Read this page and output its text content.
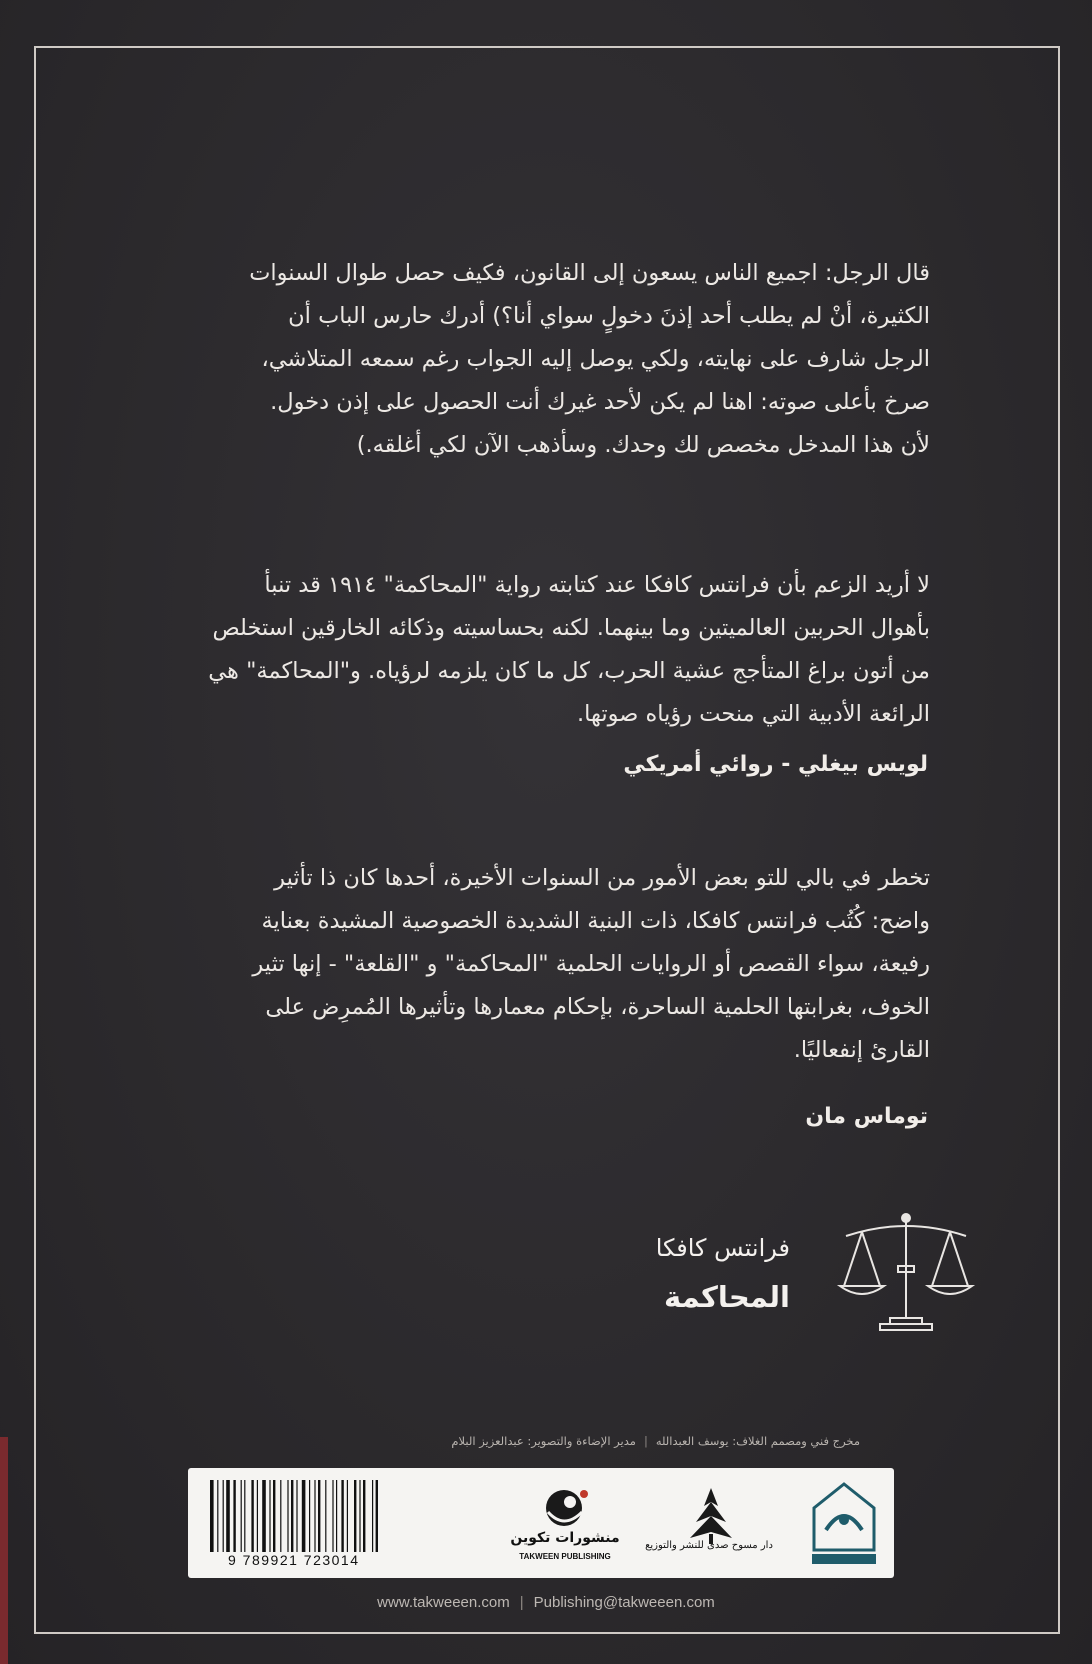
قال الرجل: اجميع الناس يسعون إلى القانون، فكيف حصل طوال السنوات

الكثيرة، أنْ لم يطلب أحد إذنَ دخولٍ سواي أنا؟) أدرك حارس الباب أن

الرجل شارف على نهايته، ولكي يوصل إليه الجواب رغم سمعه المتلاشي،

صرخ بأعلى صوته: اهنا لم يكن لأحد غيرك أنت الحصول على إذن دخول.

لأن هذا المدخل مخصص لك وحدك. وسأذهب الآن لكي أغلقه.)

لا أريد الزعم بأن فرانتس كافكا عند كتابته رواية "المحاكمة" ١٩١٤ قد تنبأ

بأهوال الحربين العالميتين وما بينهما. لكنه بحساسيته وذكائه الخارقين استخلص

من أتون براغ المتأجج عشية الحرب، كل ما كان يلزمه لرؤياه. و"المحاكمة" هي

الرائعة الأدبية التي منحت رؤياه صوتها.

لويس بيغلي - روائي أمريكي

تخطر في بالي للتو بعض الأمور من السنوات الأخيرة، أحدها كان ذا تأثير

واضح: كُتُب فرانتس كافكا، ذات البنية الشديدة الخصوصية المشيدة بعناية

رفيعة، سواء القصص أو الروايات الحلمية "المحاكمة" و "القلعة" - إنها تثير

الخوف، بغرابتها الحلمية الساحرة، بإحكام معمارها وتأثيرها المُمرِض على

القارئ إنفعاليًا.

توماس مان
فرانتس كافكا
المحاكمة
مخرج فني ومصمم الغلاف: يوسف العبدالله|مدير الإضاءة والتصوير: عبدالعزيز البلام
9 789921 723014
منشورات تكوين
TAKWEEN PUBLISHING
دار مسوح صدى للنشر والتوزيع
www.takweeen.com | Publishing@takweeen.com
